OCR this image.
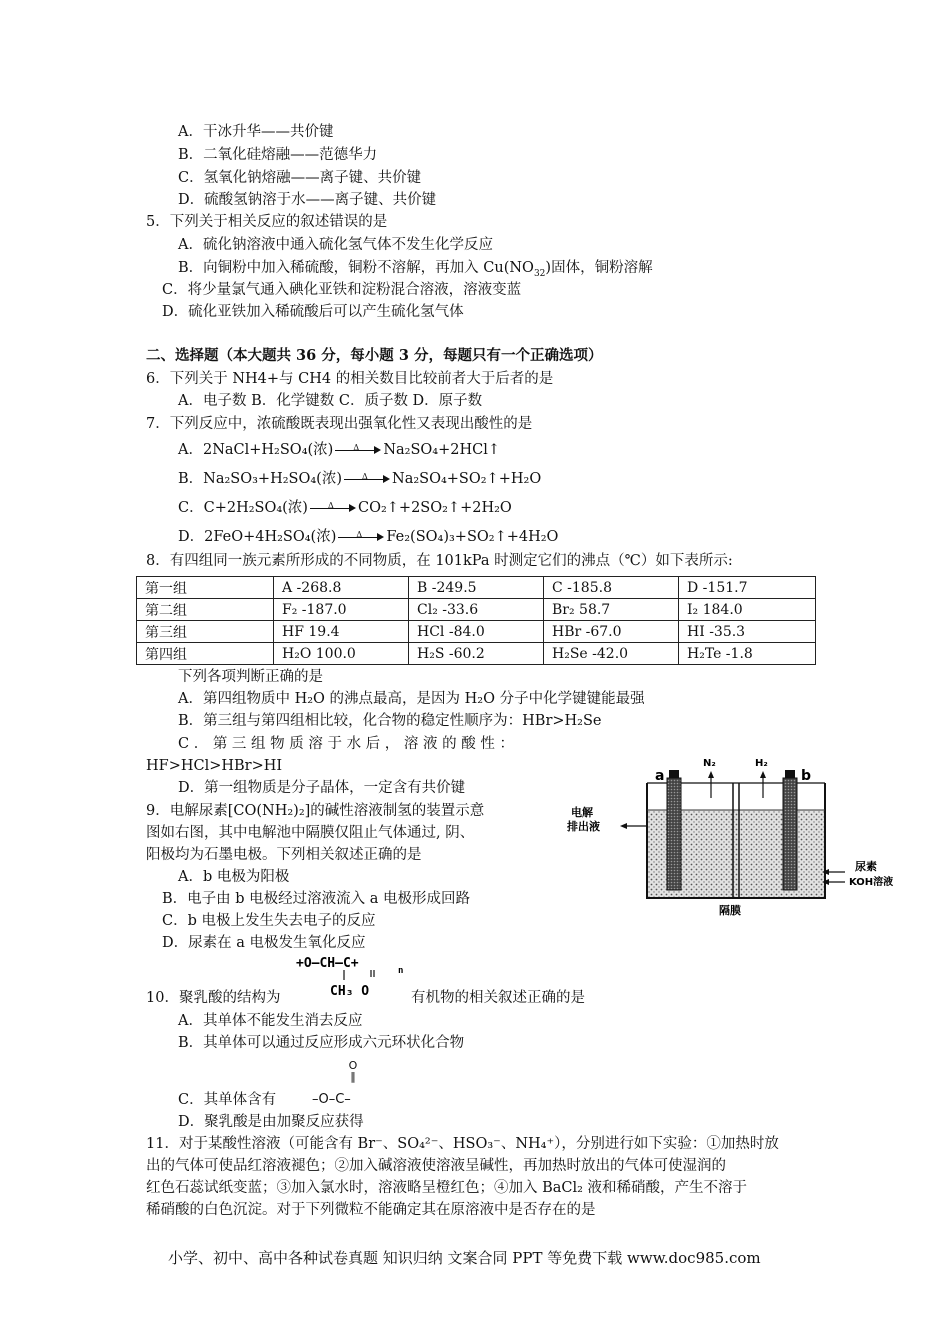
A．干冰升华——共价键
B．二氧化硅熔融——范德华力
C．氢氧化钠熔融——离子键、共价键
D．硫酸氢钠溶于水——离子键、共价键
5．下列关于相关反应的叙述错误的是
A．硫化钠溶液中通入硫化氢气体不发生化学反应
B．向铜粉中加入稀硫酸，铜粉不溶解，再加入 $Cu(NO_{32})$固体，铜粉溶解
C．将少量氯气通入碘化亚铁和淀粉混合溶液，溶液变蓝
D．硫化亚铁加入稀硫酸后可以产生硫化氢气体
二、选择题（本大题共 36 分，每小题 3 分，每题只有一个正确选项）
6．下列关于 NH4+与 CH4 的相关数目比较前者大于后者的是
A．电子数 B．化学键数 C．质子数 D．原子数
7．下列反应中，浓硫酸既表现出强氧化性又表现出酸性的是
A．2NaCl+H₂SO₄(浓)	Δ Na₂SO₄+2HCl↑
B．Na₂SO₃+H₂SO₄(浓)	Δ Na₂SO₄+SO₂↑+H₂O
C．C+2H₂SO₄(浓)	Δ CO₂↑+2SO₂↑+2H₂O
D．2FeO+4H₂SO₄(浓)	Δ Fe₂(SO₄)₃+SO₂↑+4H₂O
8．有四组同一族元素所形成的不同物质，在 101kPa 时测定它们的沸点（℃）如下表所示:
第一组	A -268.8	B -249.5	C -185.8	D -151.7
第二组	F₂ -187.0	Cl₂ -33.6	Br₂ 58.7	I₂ 184.0
第三组	HF 19.4	HCl -84.0	HBr -67.0	HI -35.3
第四组	H₂O 100.0	H₂S -60.2	H₂Se -42.0	H₂Te -1.8
下列各项判断正确的是
A．第四组物质中 H₂O 的沸点最高，是因为 H₂O 分子中化学键键能最强
B．第三组与第四组相比较，化合物的稳定性顺序为：HBr>H₂Se
C ． 第 三 组 物 质 溶 于 水 后 ， 溶 液 的 酸 性 ：
HF>HCl>HBr>HI
D．第一组物质是分子晶体，一定含有共价键
9．电解尿素[CO(NH₂)₂]的碱性溶液制氢的装置示意
图如右图，其中电解池中隔膜仅阻止气体通过, 阴、
阳极均为石墨电极。下列相关叙述正确的是
A．b 电极为阳极
B．电子由 b 电极经过溶液流入 a 电极形成回路
C．b 电极上发生失去电子的反应
D．尿素在 a 电极发生氧化反应
a	b
N₂	H₂
电解
排出液
尿素
KOH溶液
隔膜
+O–CH–C+	n
CH₃ O
10．聚乳酸的结构为	有机物的相关叙述正确的是
A．其单体不能发生消去反应
B．其单体可以通过反应形成六元环状化合物
C．其单体含有
O
‖
–O–C–
D．聚乳酸是由加聚反应获得
11．对于某酸性溶液（可能含有 Br⁻、SO₄²⁻、HSO₃⁻、NH₄⁺），分别进行如下实验：①加热时放
出的气体可使品红溶液褪色；②加入碱溶液使溶液呈碱性，再加热时放出的气体可使湿润的
红色石蕊试纸变蓝；③加入氯水时，溶液略呈橙红色；④加入 BaCl₂ 液和稀硝酸，产生不溶于
稀硝酸的白色沉淀。对于下列微粒不能确定其在原溶液中是否存在的是
小学、初中、高中各种试卷真题 知识归纳 文案合同 PPT 等免费下载 www.doc985.com
